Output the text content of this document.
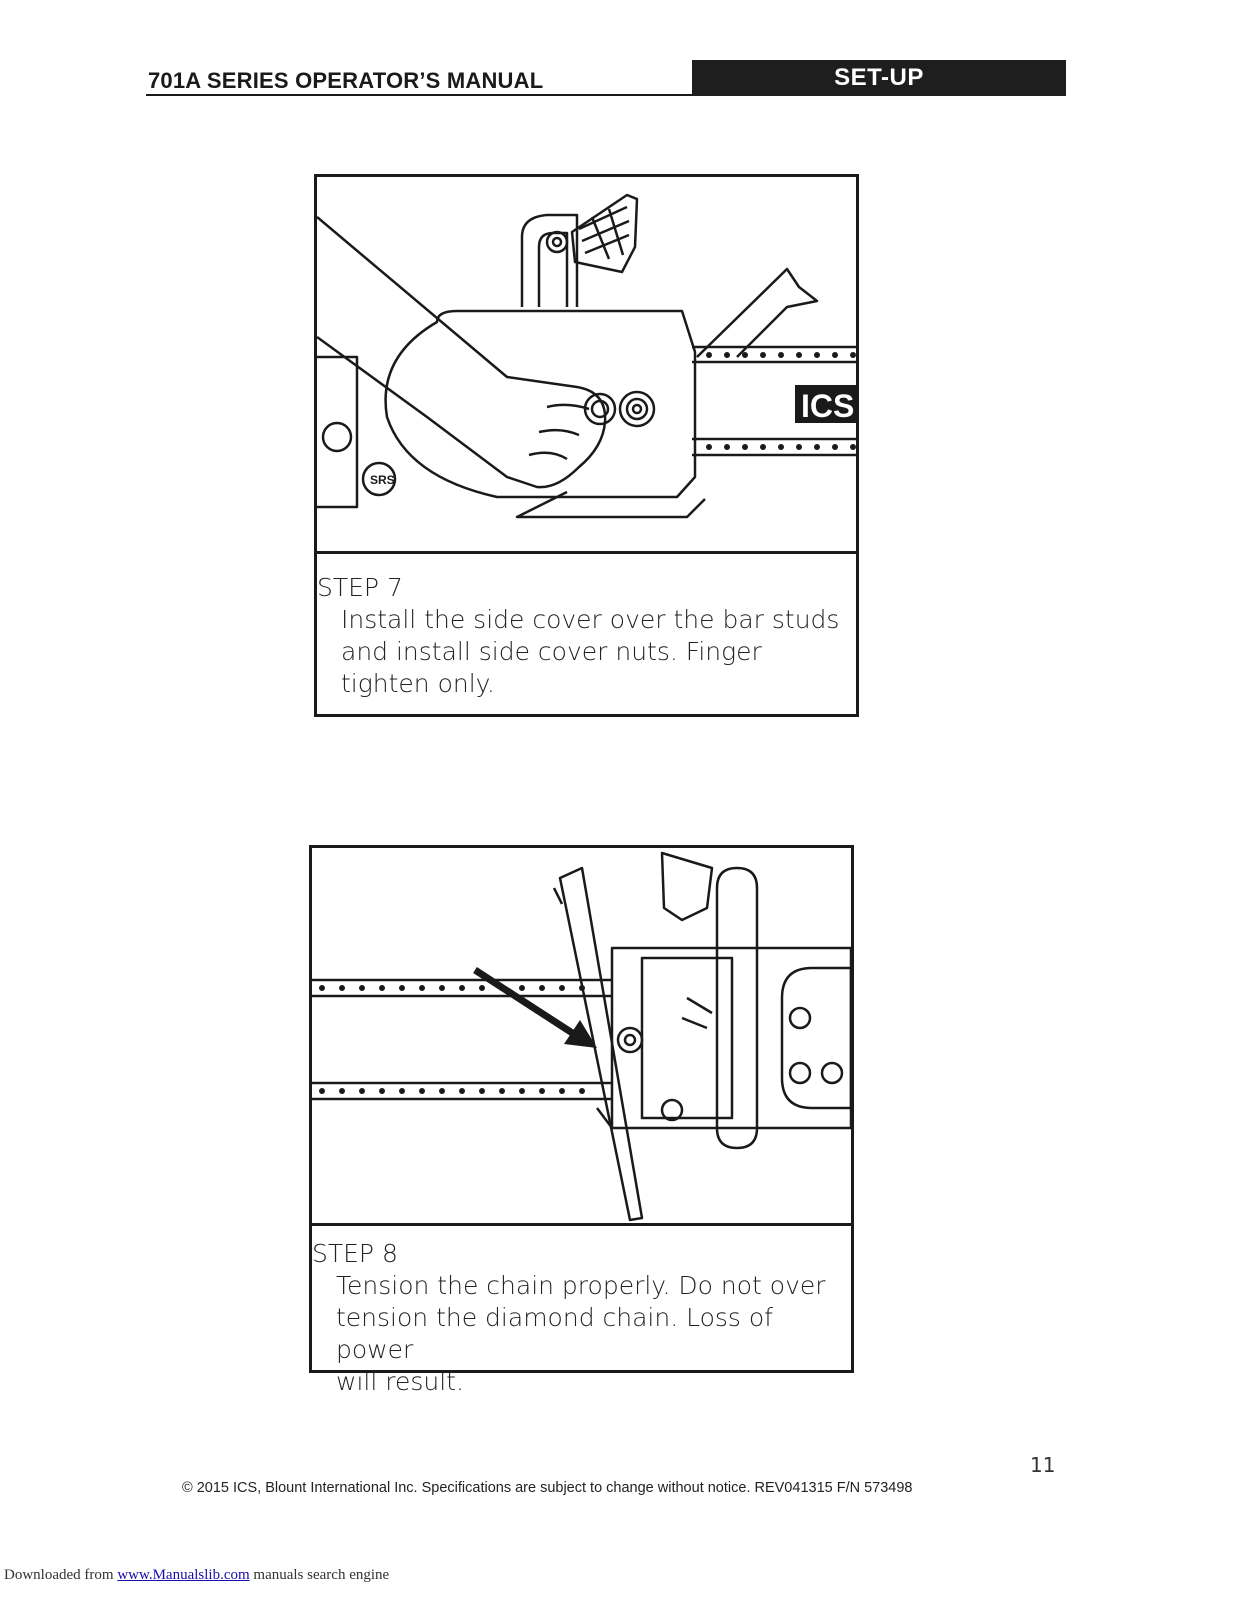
701A SERIES OPERATOR’S MANUAL	SET-UP
ICS
SRS
STEP 7
Install the side cover over the bar studs
and install side cover nuts. Finger
tighten only.
STEP 8
Tension the chain properly. Do not over
tension the diamond chain. Loss of power
will result.
11
© 2015 ICS, Blount International Inc. Specifications are subject to change without notice. REV041315 F/N 573498
Downloaded from www.Manualslib.com manuals search engine
